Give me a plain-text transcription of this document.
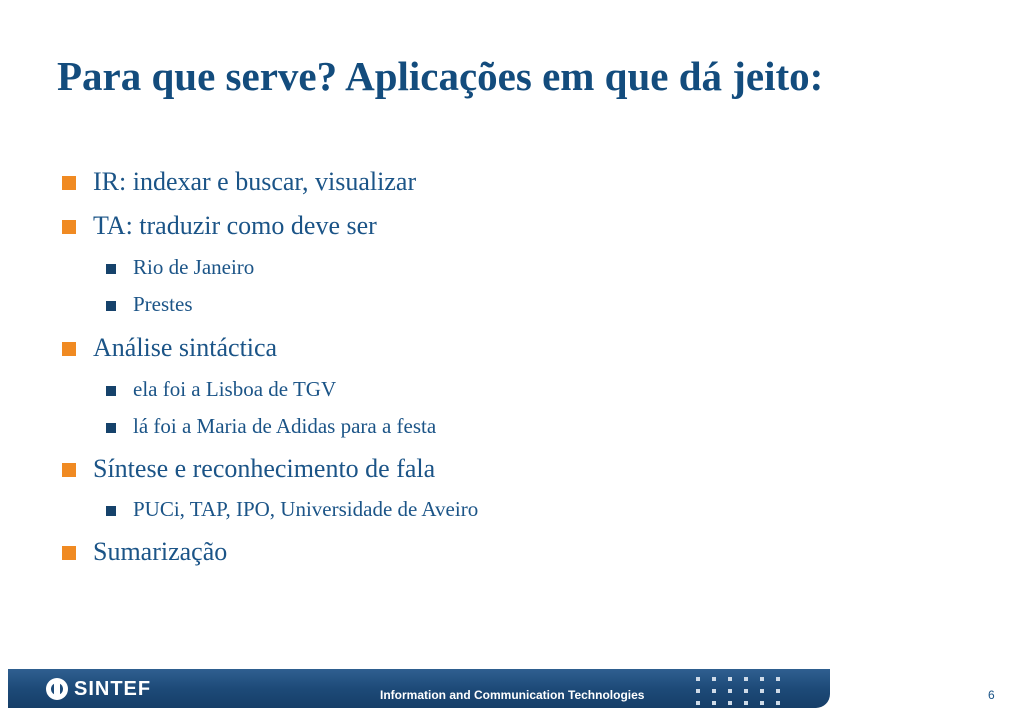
Para que serve? Aplicações em que dá jeito:
IR: indexar e buscar, visualizar
TA: traduzir como deve ser
Rio de Janeiro
Prestes
Análise sintáctica
ela foi a Lisboa de TGV
lá foi a Maria de Adidas para a festa
Síntese e reconhecimento de fala
PUCi, TAP, IPO, Universidade de Aveiro
Sumarização
SINTEF	Information and Communication Technologies	6
